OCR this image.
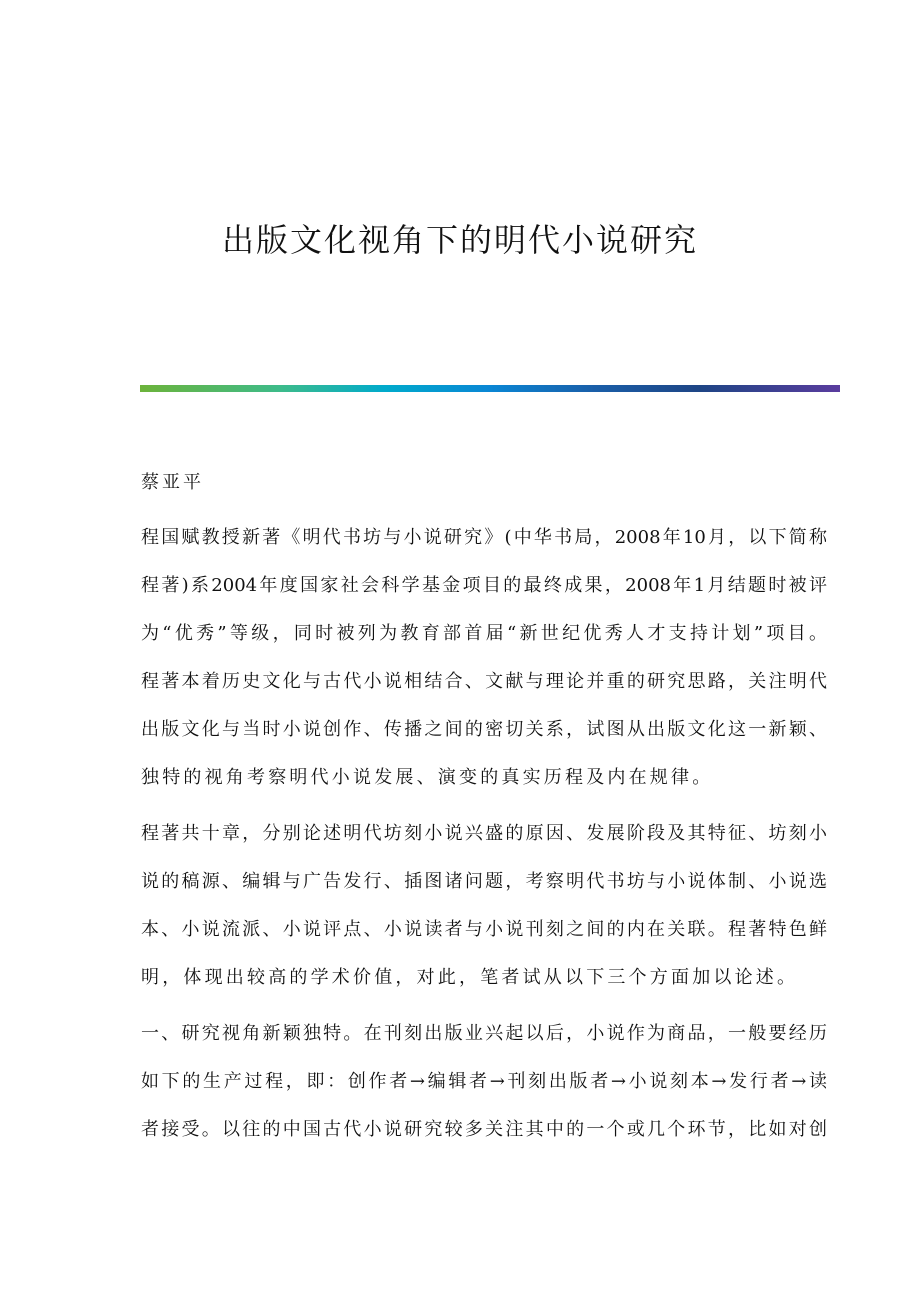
出版文化视角下的明代小说研究
蔡亚平
程国赋教授新著《明代书坊与小说研究》(中华书局，2008年10月，以下简称
程著)系2004年度国家社会科学基金项目的最终成果，2008年1月结题时被评
为“优秀”等级，同时被列为教育部首届“新世纪优秀人才支持计划”项目。
程著本着历史文化与古代小说相结合、文献与理论并重的研究思路，关注明代
出版文化与当时小说创作、传播之间的密切关系，试图从出版文化这一新颖、
独特的视角考察明代小说发展、演变的真实历程及内在规律。
程著共十章，分别论述明代坊刻小说兴盛的原因、发展阶段及其特征、坊刻小
说的稿源、编辑与广告发行、插图诸问题，考察明代书坊与小说体制、小说选
本、小说流派、小说评点、小说读者与小说刊刻之间的内在关联。程著特色鲜
明，体现出较高的学术价值，对此，笔者试从以下三个方面加以论述。
一、研究视角新颖独特。在刊刻出版业兴起以后，小说作为商品，一般要经历
如下的生产过程，即：创作者→编辑者→刊刻出版者→小说刻本→发行者→读
者接受。以往的中国古代小说研究较多关注其中的一个或几个环节，比如对创
